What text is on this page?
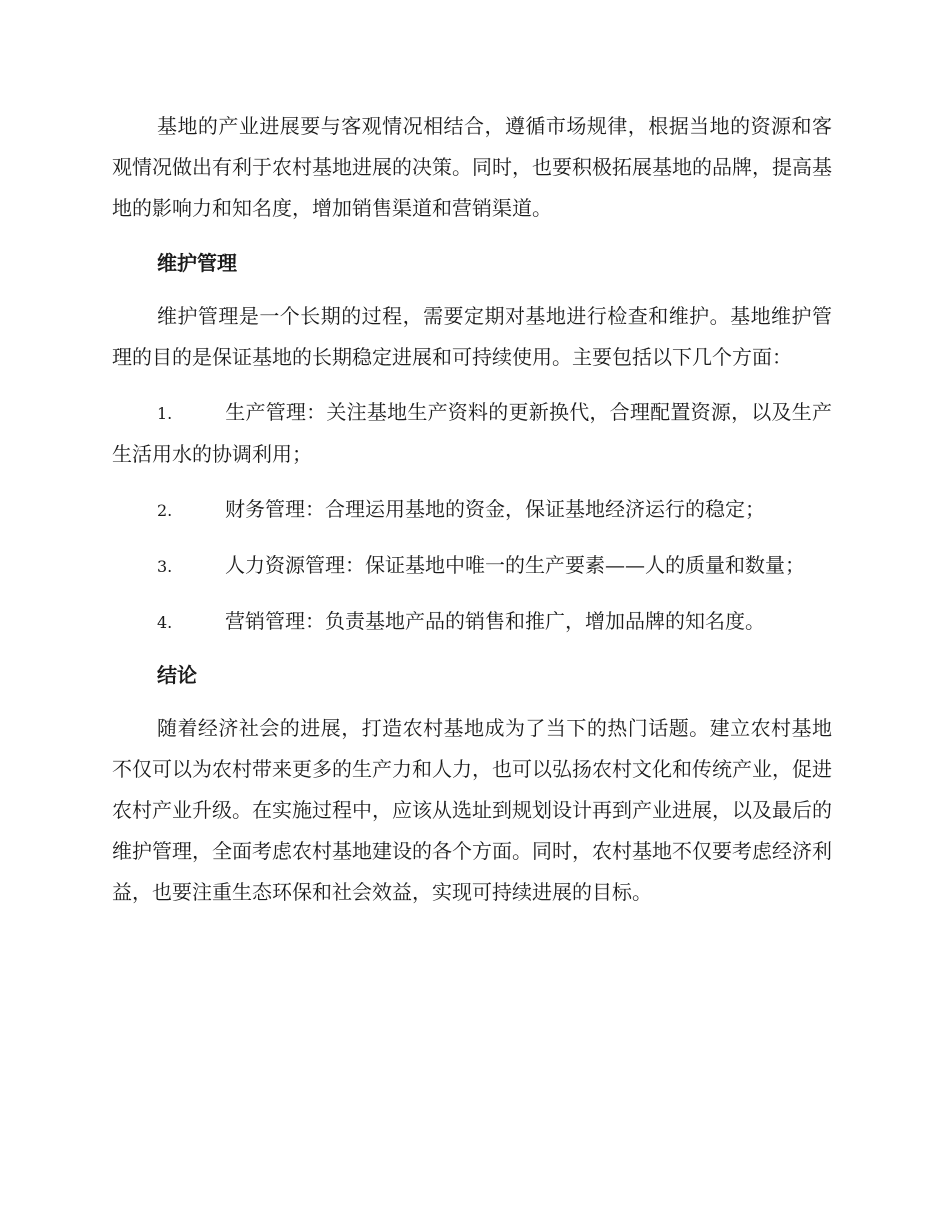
基地的产业进展要与客观情况相结合，遵循市场规律，根据当地的资源和客观情况做出有利于农村基地进展的决策。同时，也要积极拓展基地的品牌，提高基地的影响力和知名度，增加销售渠道和营销渠道。

维护管理

维护管理是一个长期的过程，需要定期对基地进行检查和维护。基地维护管理的目的是保证基地的长期稳定进展和可持续使用。主要包括以下几个方面：

1.	生产管理：关注基地生产资料的更新换代，合理配置资源，以及生产生活用水的协调利用；
2.	财务管理：合理运用基地的资金，保证基地经济运行的稳定；
3.	人力资源管理：保证基地中唯一的生产要素——人的质量和数量；
4.	营销管理：负责基地产品的销售和推广，增加品牌的知名度。
结论

随着经济社会的进展，打造农村基地成为了当下的热门话题。建立农村基地不仅可以为农村带来更多的生产力和人力，也可以弘扬农村文化和传统产业，促进农村产业升级。在实施过程中，应该从选址到规划设计再到产业进展，以及最后的维护管理，全面考虑农村基地建设的各个方面。同时，农村基地不仅要考虑经济利益，也要注重生态环保和社会效益，实现可持续进展的目标。
